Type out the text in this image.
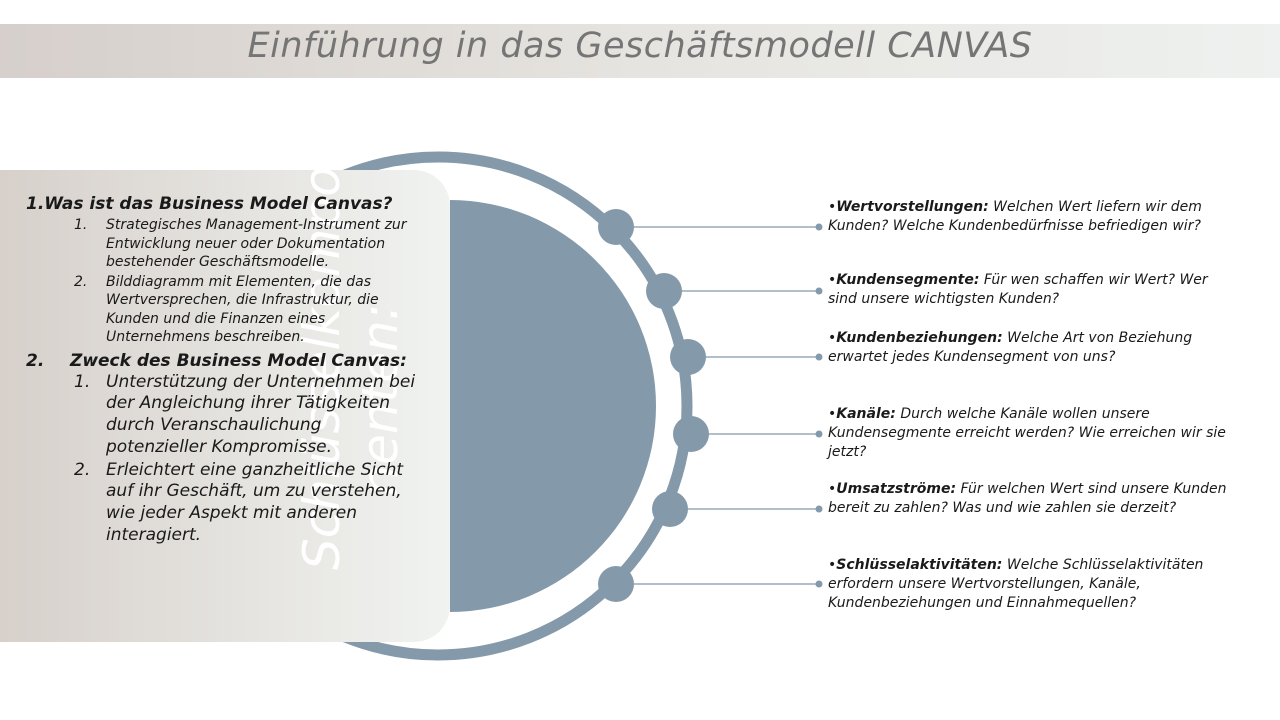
Einführung in das Geschäftsmodell CANVAS
Schlüsselkompo nenten:
1.Was ist das Business Model Canvas?
1. Strategisches Management-Instrument zur Entwicklung neuer oder Dokumentation bestehender Geschäftsmodelle.
2. Bilddiagramm mit Elementen, die das Wertversprechen, die Infrastruktur, die Kunden und die Finanzen eines Unternehmens beschreiben.
2. Zweck des Business Model Canvas:
1. Unterstützung der Unternehmen bei der Angleichung ihrer Tätigkeiten durch Veranschaulichung potenzieller Kompromisse.
2. Erleichtert eine ganzheitliche Sicht auf ihr Geschäft, um zu verstehen, wie jeder Aspekt mit anderen interagiert.
•Wertvorstellungen: Welchen Wert liefern wir dem Kunden? Welche Kundenbedürfnisse befriedigen wir?
•Kundensegmente: Für wen schaffen wir Wert? Wer sind unsere wichtigsten Kunden?
•Kundenbeziehungen: Welche Art von Beziehung erwartet jedes Kundensegment von uns?
•Kanäle: Durch welche Kanäle wollen unsere Kundensegmente erreicht werden? Wie erreichen wir sie jetzt?
•Umsatzströme: Für welchen Wert sind unsere Kunden bereit zu zahlen? Was und wie zahlen sie derzeit?
•Schlüsselaktivitäten: Welche Schlüsselaktivitäten erfordern unsere Wertvorstellungen, Kanäle, Kundenbeziehungen und Einnahmequellen?
